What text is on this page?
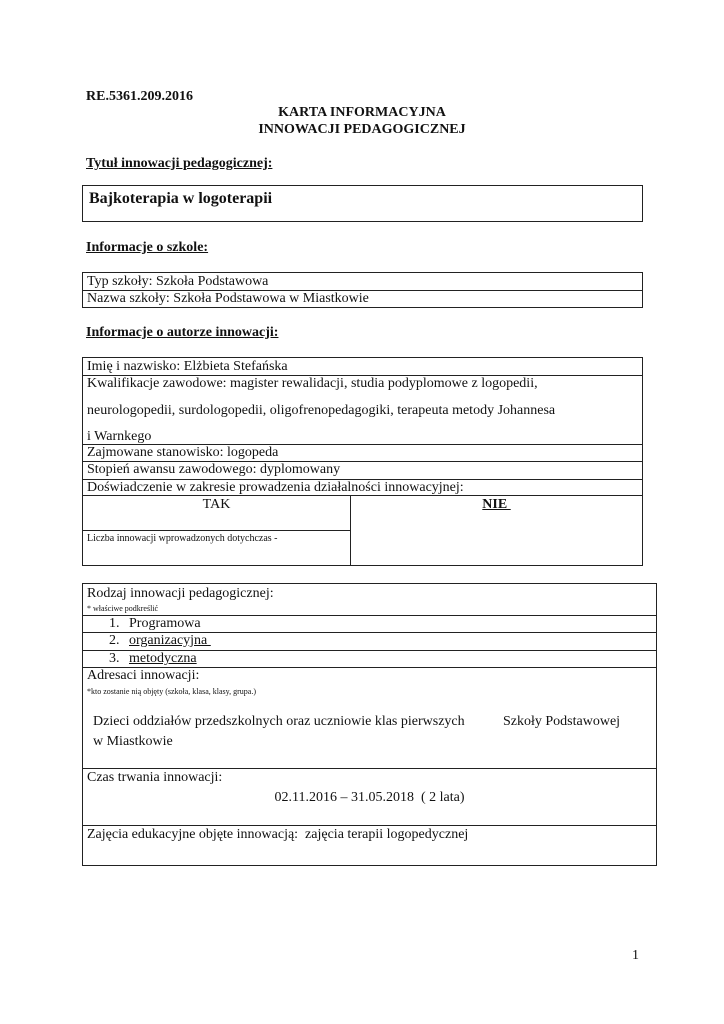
RE.5361.209.2016
KARTA INFORMACYJNA
INNOWACJI PEDAGOGICZNEJ
Tytuł innowacji pedagogicznej:
Bajkoterapia w logoterapii
Informacje o szkole:
Typ szkoły: Szkoła Podstawowa
Nazwa szkoły: Szkoła Podstawowa w Miastkowie
Informacje o autorze innowacji:
Imię i nazwisko: Elżbieta Stefańska
Kwalifikacje zawodowe: magister rewalidacji, studia podyplomowe z logopedii,
neurologopedii, surdologopedii, oligofrenopedagogiki, terapeuta metody Johannesa
i Warnkego
Zajmowane stanowisko: logopeda
Stopień awansu zawodowego: dyplomowany
Doświadczenie w zakresie prowadzenia działalności innowacyjnej:
TAK	NIE
Liczba innowacji wprowadzonych dotychczas -
Rodzaj innowacji pedagogicznej:
* właściwe podkreślić
1. Programowa
2. organizacyjna
3. metodyczna
Adresaci innowacji:
*kto zostanie nią objęty (szkoła, klasa, klasy, grupa.)
Dzieci oddziałów przedszkolnych oraz uczniowie klas pierwszych	Szkoły Podstawowej
w Miastkowie
Czas trwania innowacji:
02.11.2016 – 31.05.2018  ( 2 lata)
Zajęcia edukacyjne objęte innowacją:  zajęcia terapii logopedycznej
1
